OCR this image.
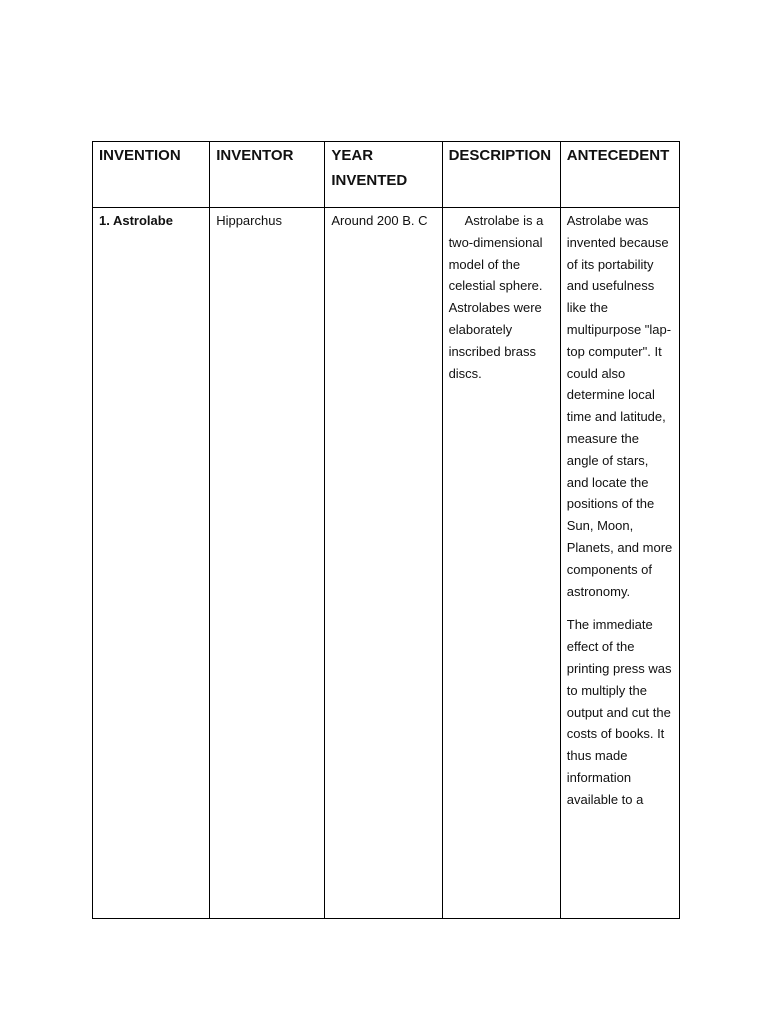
INVENTION	INVENTOR	YEAR INVENTED	DESCRIPTION	ANTECEDENT
1. Astrolabe	Hipparchus	Around 200 B. C	Astrolabe is a two-dimensional model of the celestial sphere. Astrolabes were elaborately inscribed brass discs.	Astrolabe was invented because of its portability and usefulness like the multipurpose "lap-top computer". It could also determine local time and latitude, measure the angle of stars, and locate the positions of the Sun, Moon, Planets, and more components of astronomy.

The immediate effect of the printing press was to multiply the output and cut the costs of books. It thus made information available to a
